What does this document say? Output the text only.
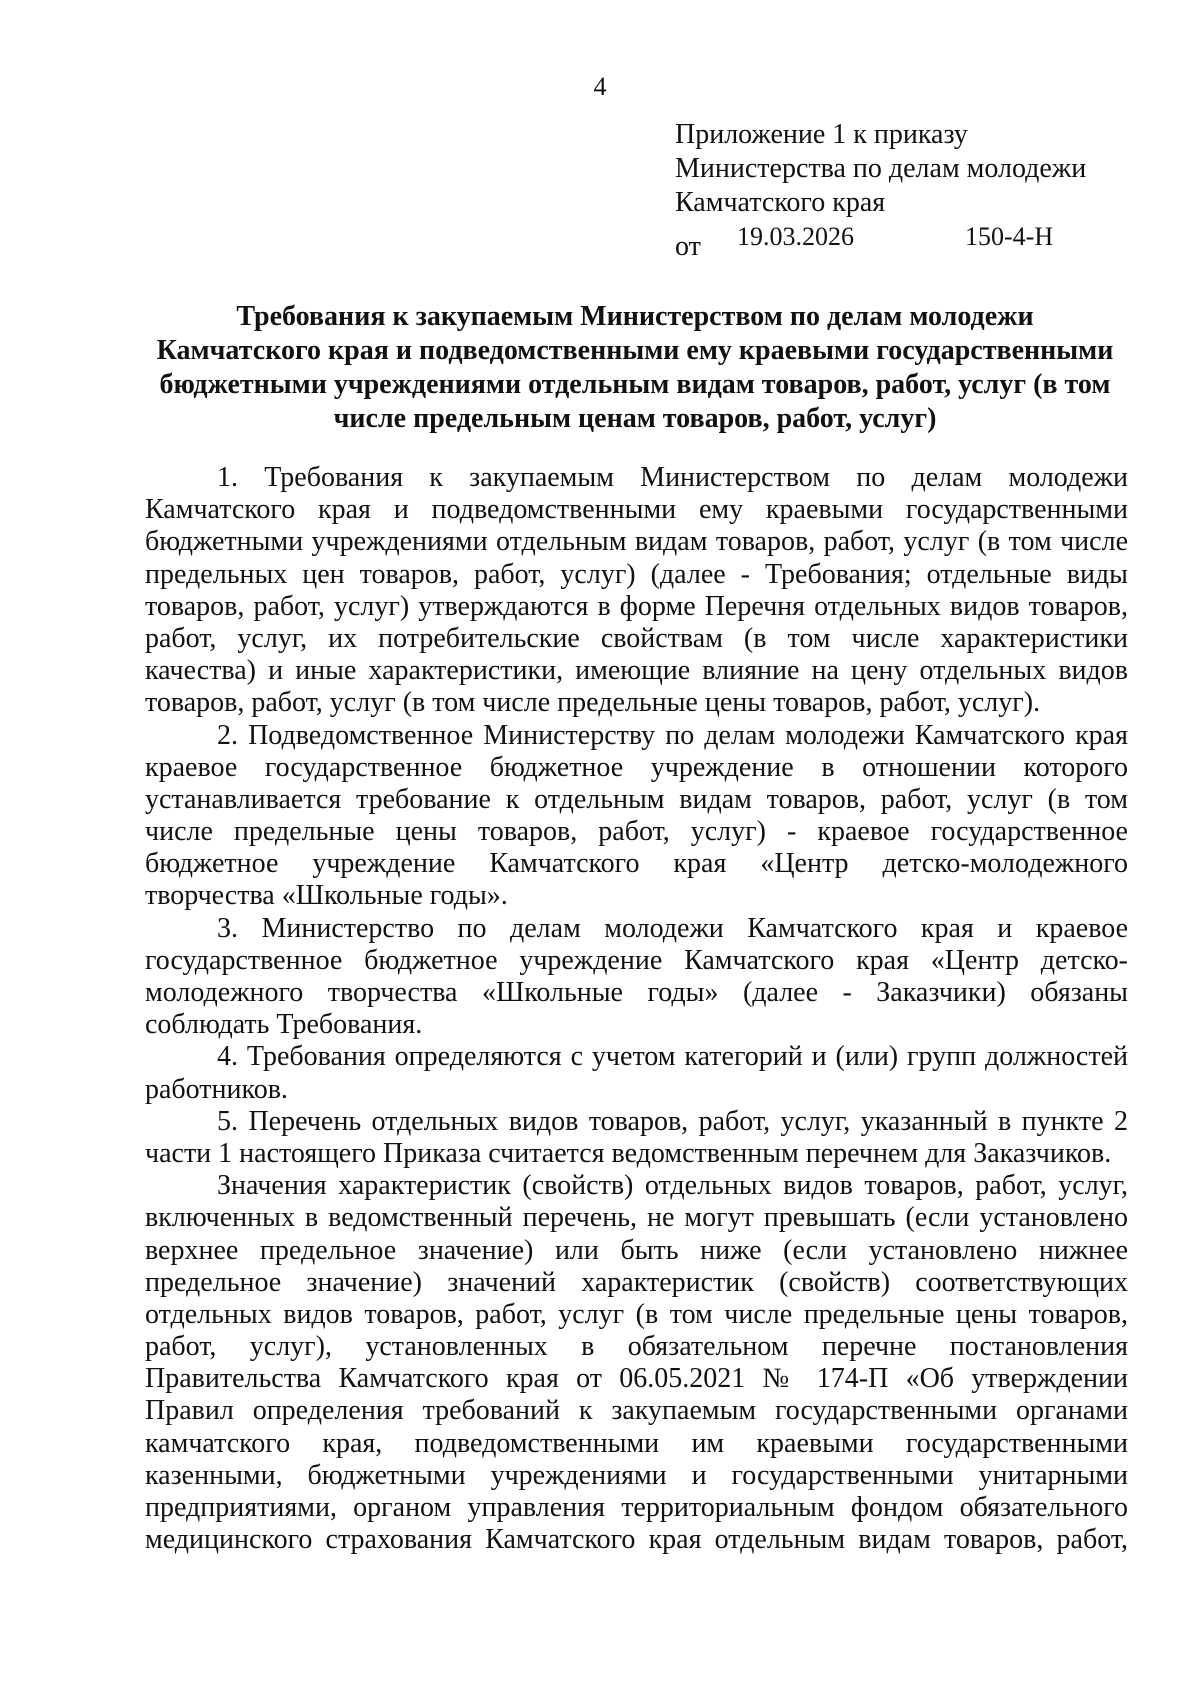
4
Приложение 1 к приказу
Министерства по делам молодежи
Камчатского края
от 19.03.2026	150-4-Н
Требования к закупаемым Министерством по делам молодежи
Камчатского края и подведомственными ему краевыми государственными
бюджетными учреждениями отдельным видам товаров, работ, услуг (в том
числе предельным ценам товаров, работ, услуг)
1. Требования к закупаемым Министерством по делам молодежи
Камчатского края и подведомственными ему краевыми государственными
бюджетными учреждениями отдельным видам товаров, работ, услуг (в том числе
предельных цен товаров, работ, услуг) (далее - Требования; отдельные виды
товаров, работ, услуг) утверждаются в форме Перечня отдельных видов товаров,
работ, услуг, их потребительские свойствам (в том числе характеристики
качества) и иные характеристики, имеющие влияние на цену отдельных видов
товаров, работ, услуг (в том числе предельные цены товаров, работ, услуг).
2. Подведомственное Министерству по делам молодежи Камчатского края
краевое государственное бюджетное учреждение в отношении которого
устанавливается требование к отдельным видам товаров, работ, услуг (в том
числе предельные цены товаров, работ, услуг) - краевое государственное
бюджетное учреждение Камчатского края «Центр детско-молодежного
творчества «Школьные годы».
3. Министерство по делам молодежи Камчатского края и краевое
государственное бюджетное учреждение Камчатского края «Центр детско-
молодежного творчества «Школьные годы» (далее - Заказчики) обязаны
соблюдать Требования.
4. Требования определяются с учетом категорий и (или) групп должностей
работников.
5. Перечень отдельных видов товаров, работ, услуг, указанный в пункте 2
части 1 настоящего Приказа считается ведомственным перечнем для Заказчиков.
Значения характеристик (свойств) отдельных видов товаров, работ, услуг,
включенных в ведомственный перечень, не могут превышать (если установлено
верхнее предельное значение) или быть ниже (если установлено нижнее
предельное значение) значений характеристик (свойств) соответствующих
отдельных видов товаров, работ, услуг (в том числе предельные цены товаров,
работ, услуг), установленных в обязательном перечне постановления
Правительства Камчатского края от 06.05.2021 № 174-П «Об утверждении
Правил определения требований к закупаемым государственными органами
камчатского края, подведомственными им краевыми государственными
казенными, бюджетными учреждениями и государственными унитарными
предприятиями, органом управления территориальным фондом обязательного
медицинского страхования Камчатского края отдельным видам товаров, работ,
